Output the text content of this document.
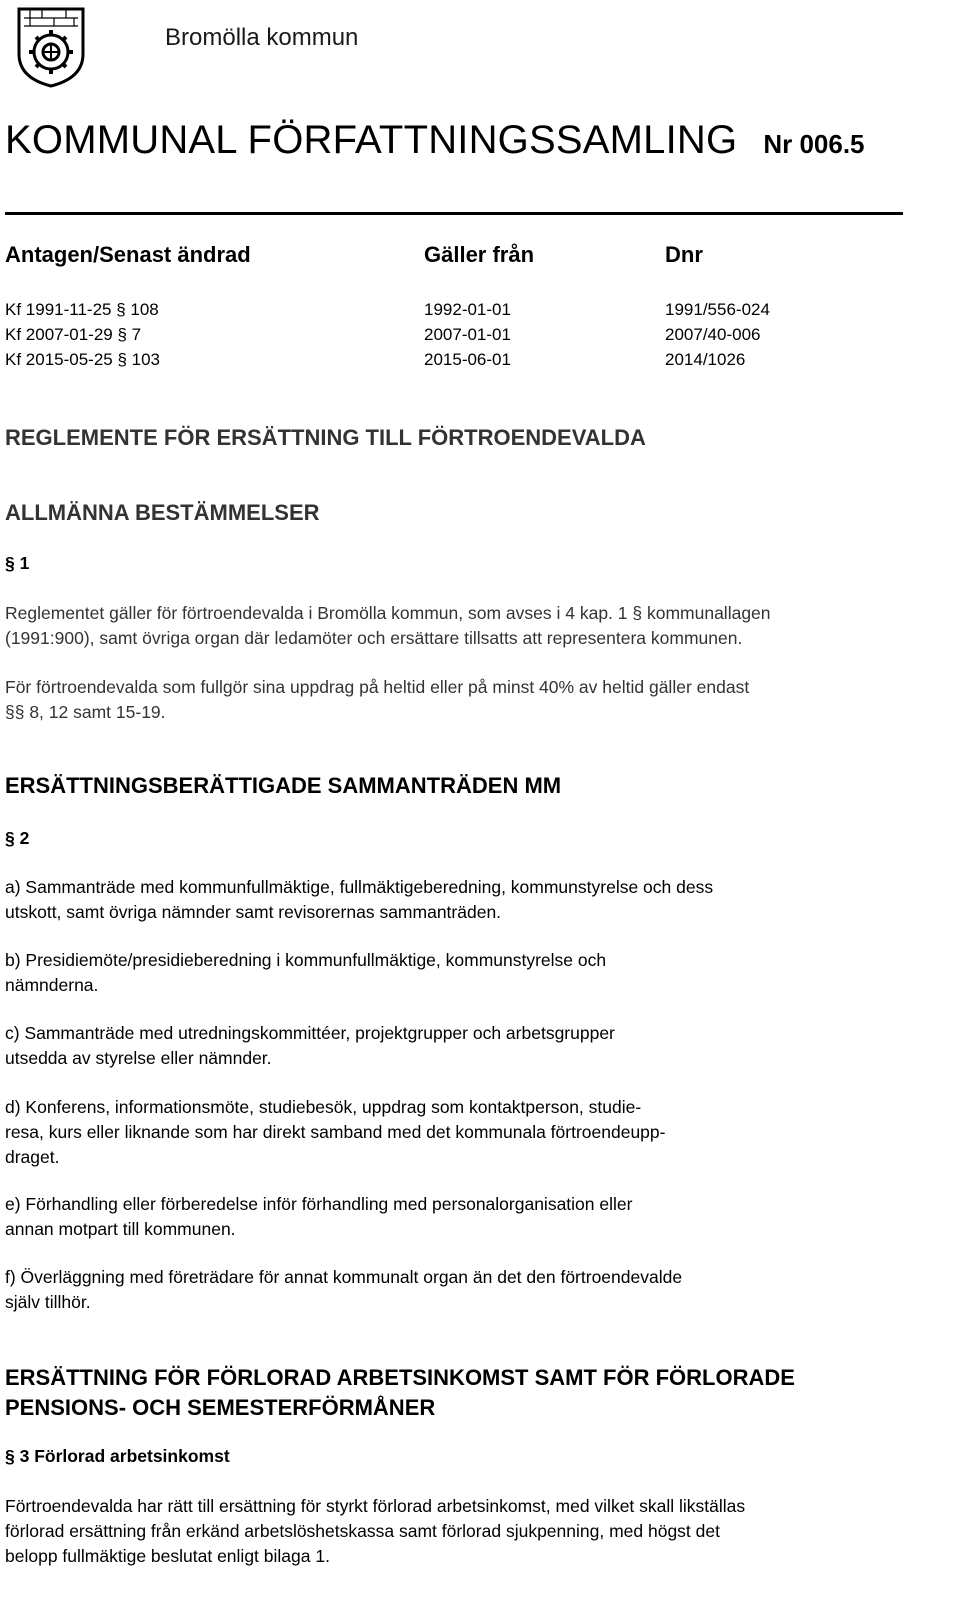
Bromölla kommun
KOMMUNAL FÖRFATTNINGSSAMLING Nr 006.5
Antagen/Senast ändrad	Gäller från	Dnr
Kf 1991-11-25 § 108	1992-01-01	1991/556-024
Kf 2007-01-29 § 7	2007-01-01	2007/40-006
Kf 2015-05-25 § 103	2015-06-01	2014/1026
REGLEMENTE FÖR ERSÄTTNING TILL FÖRTROENDEVALDA
ALLMÄNNA BESTÄMMELSER
§ 1
Reglementet gäller för förtroendevalda i Bromölla kommun, som avses i 4 kap. 1 § kommunallagen
(1991:900), samt övriga organ där ledamöter och ersättare tillsatts att representera kommunen.
För förtroendevalda som fullgör sina uppdrag på heltid eller på minst 40% av heltid gäller endast
§§ 8, 12 samt 15-19.
ERSÄTTNINGSBERÄTTIGADE SAMMANTRÄDEN MM
§ 2
a) Sammanträde med kommunfullmäktige, fullmäktigeberedning, kommunstyrelse och dess
utskott, samt övriga nämnder samt revisorernas sammanträden.
b) Presidiemöte/presidieberedning i kommunfullmäktige, kommunstyrelse och
nämnderna.
c) Sammanträde med utredningskommittéer, projektgrupper och arbetsgrupper
utsedda av styrelse eller nämnder.
d) Konferens, informationsmöte, studiebesök, uppdrag som kontaktperson, studie-
resa, kurs eller liknande som har direkt samband med det kommunala förtroendeupp-
draget.
e) Förhandling eller förberedelse inför förhandling med personalorganisation eller
annan motpart till kommunen.
f) Överläggning med företrädare för annat kommunalt organ än det den förtroendevalde
själv tillhör.
ERSÄTTNING FÖR FÖRLORAD ARBETSINKOMST SAMT FÖR FÖRLORADE
PENSIONS- OCH SEMESTERFÖRMÅNER
§ 3 Förlorad arbetsinkomst
Förtroendevalda har rätt till ersättning för styrkt förlorad arbetsinkomst, med vilket skall likställas
förlorad ersättning från erkänd arbetslöshetskassa samt förlorad sjukpenning, med högst det
belopp fullmäktige beslutat enligt bilaga 1.
